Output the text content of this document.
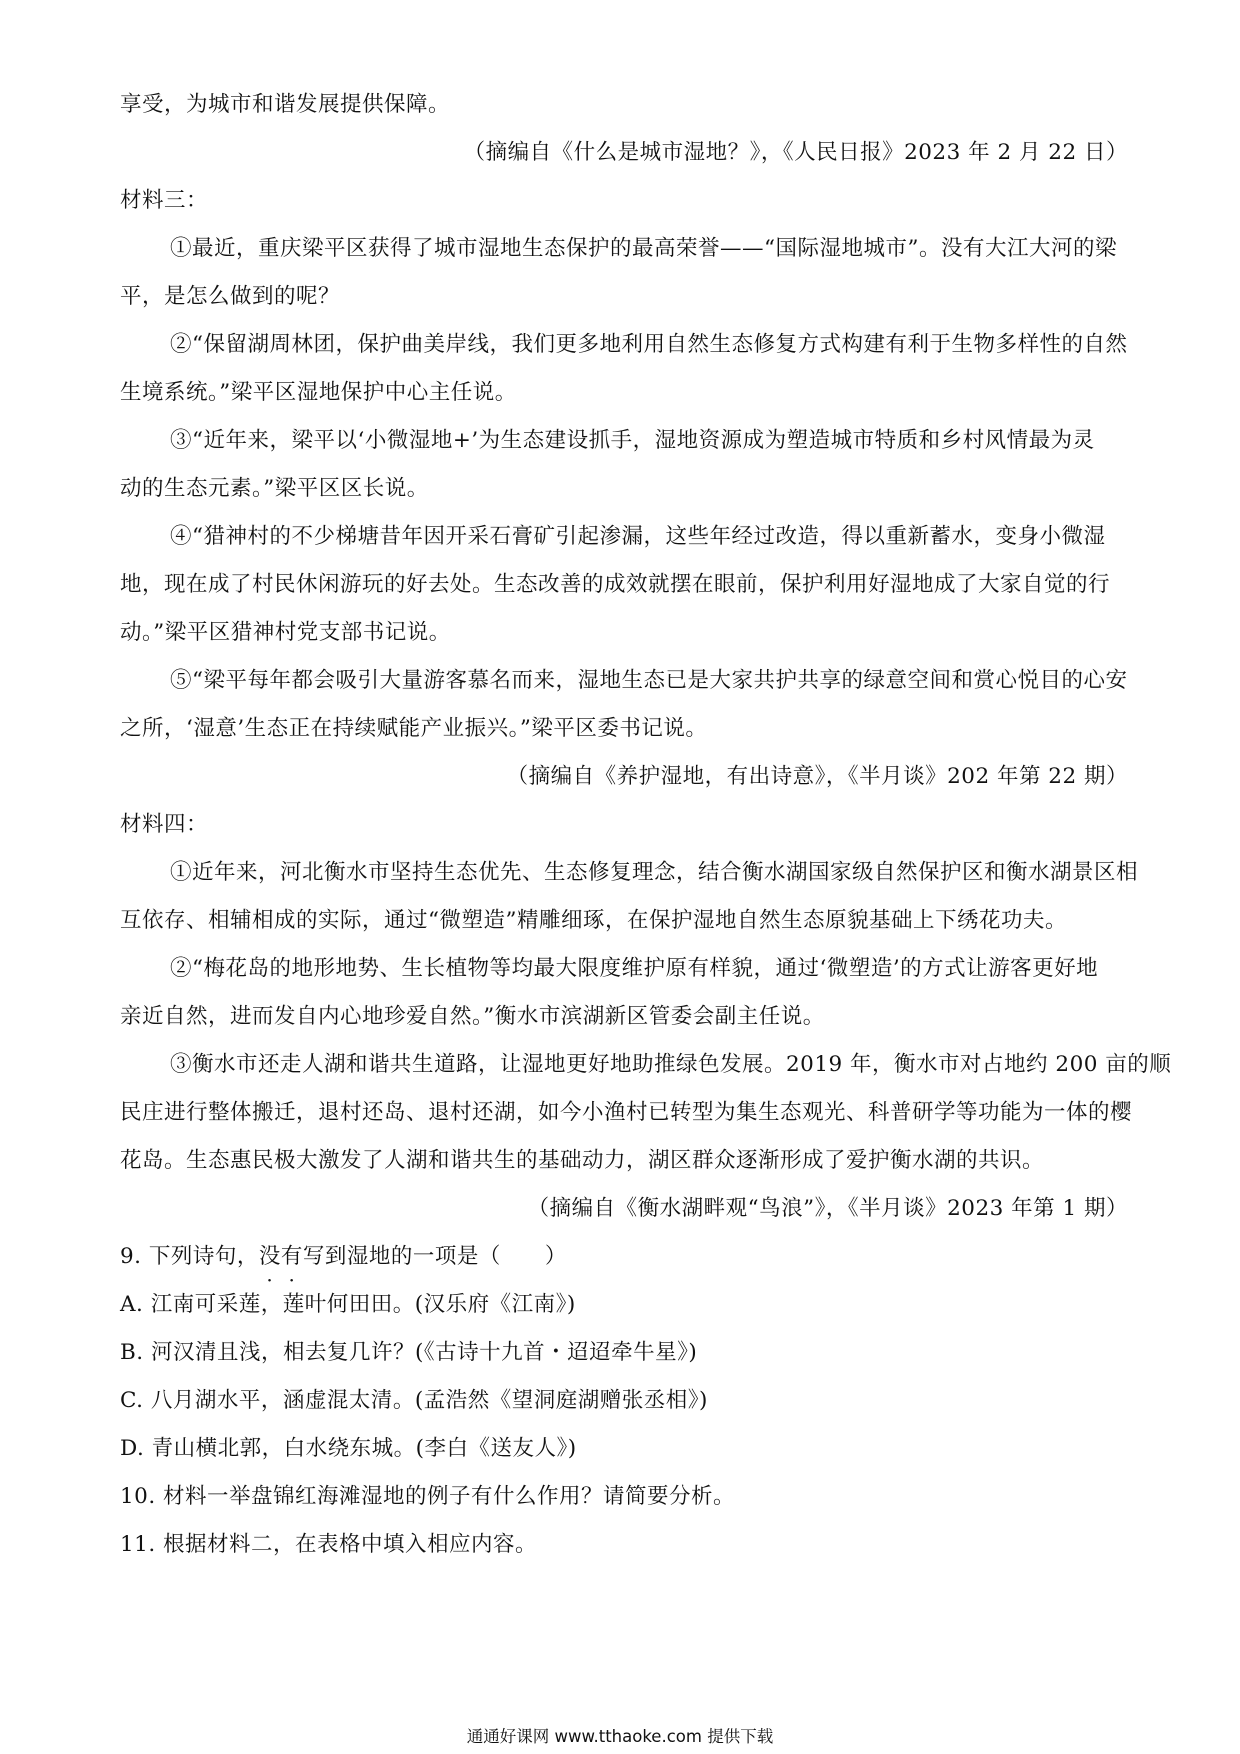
享受，为城市和谐发展提供保障。
（摘编自《什么是城市湿地？》，《人民日报》2023 年 2 月 22 日）
材料三：
①最近，重庆梁平区获得了城市湿地生态保护的最高荣誉——“国际湿地城市”。没有大江大河的梁
平，是怎么做到的呢？
②“保留湖周林团，保护曲美岸线，我们更多地利用自然生态修复方式构建有利于生物多样性的自然
生境系统。”梁平区湿地保护中心主任说。
③“近年来，梁平以‘小微湿地+’为生态建设抓手，湿地资源成为塑造城市特质和乡村风情最为灵
动的生态元素。”梁平区区长说。
④“猎神村的不少梯塘昔年因开采石膏矿引起渗漏，这些年经过改造，得以重新蓄水，变身小微湿
地，现在成了村民休闲游玩的好去处。生态改善的成效就摆在眼前，保护利用好湿地成了大家自觉的行
动。”梁平区猎神村党支部书记说。
⑤“梁平每年都会吸引大量游客慕名而来，湿地生态已是大家共护共享的绿意空间和赏心悦目的心安
之所，‘湿意’生态正在持续赋能产业振兴。”梁平区委书记说。
（摘编自《养护湿地，有出诗意》，《半月谈》202 年第 22 期）
材料四：
①近年来，河北衡水市坚持生态优先、生态修复理念，结合衡水湖国家级自然保护区和衡水湖景区相
互依存、相辅相成的实际，通过“微塑造”精雕细琢，在保护湿地自然生态原貌基础上下绣花功夫。
②“梅花岛的地形地势、生长植物等均最大限度维护原有样貌，通过‘微塑造’的方式让游客更好地
亲近自然，进而发自内心地珍爱自然。”衡水市滨湖新区管委会副主任说。
③衡水市还走人湖和谐共生道路，让湿地更好地助推绿色发展。2019 年，衡水市对占地约 200 亩的顺
民庄进行整体搬迁，退村还岛、退村还湖，如今小渔村已转型为集生态观光、科普研学等功能为一体的樱
花岛。生态惠民极大激发了人湖和谐共生的基础动力，湖区群众逐渐形成了爱护衡水湖的共识。
（摘编自《衡水湖畔观“鸟浪”》，《半月谈》2023 年第 1 期）
9. 下列诗句，没有写到湿地的一项是（　　）
A. 江南可采莲，莲叶何田田。(汉乐府《江南》)
B. 河汉清且浅，相去复几许？(《古诗十九首・迢迢牵牛星》)
C. 八月湖水平，涵虚混太清。(孟浩然《望洞庭湖赠张丞相》)
D. 青山横北郭，白水绕东城。(李白《送友人》)
10. 材料一举盘锦红海滩湿地的例子有什么作用？请简要分析。
11. 根据材料二，在表格中填入相应内容。
通通好课网 www.tthaoke.com 提供下载
